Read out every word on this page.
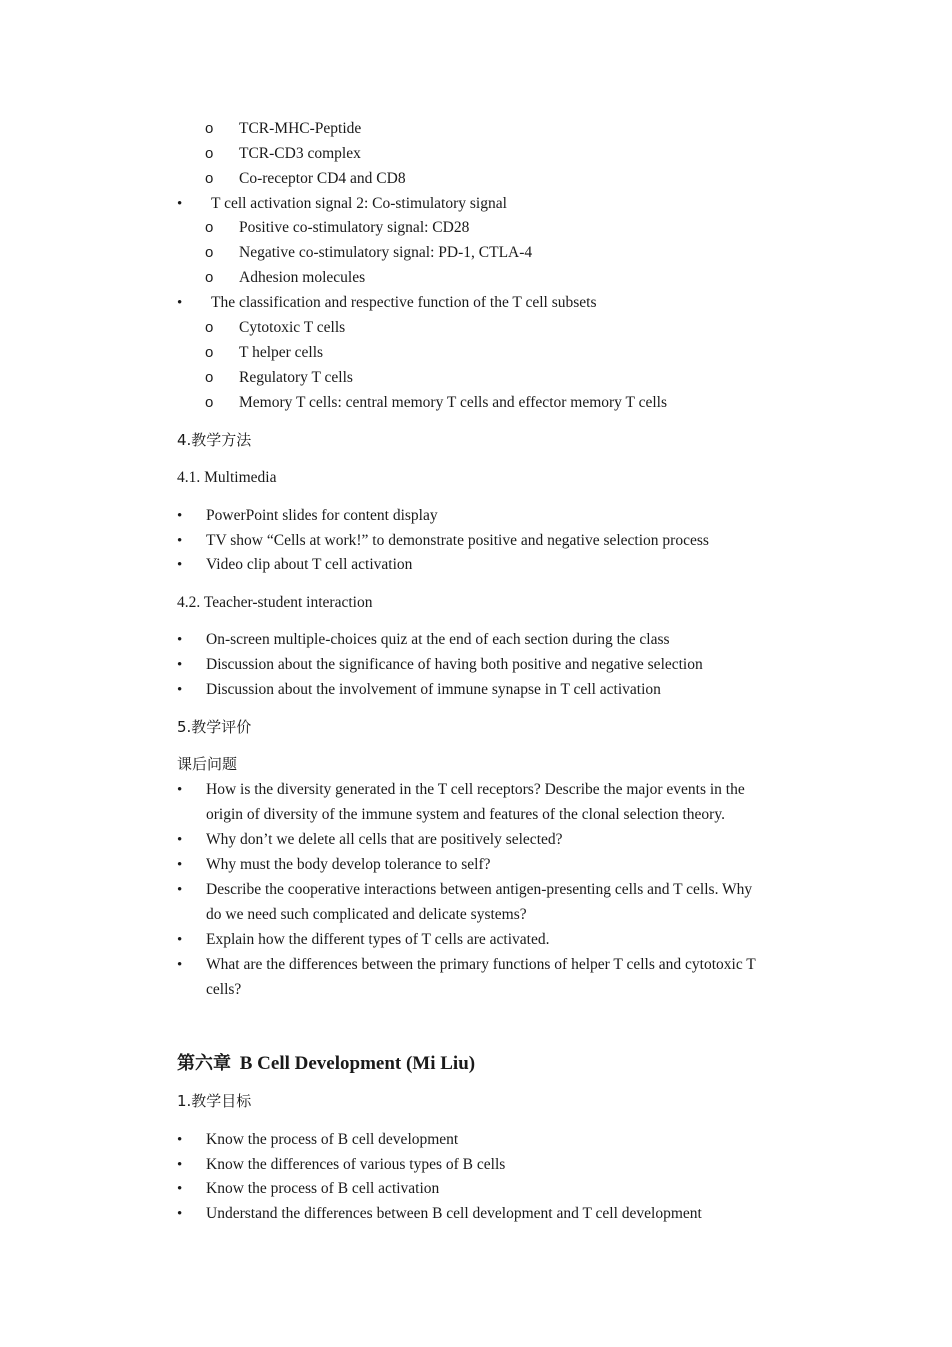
o TCR-MHC-Peptide
o TCR-CD3 complex
o Co-receptor CD4 and CD8
• T cell activation signal 2: Co-stimulatory signal
o Positive co-stimulatory signal: CD28
o Negative co-stimulatory signal: PD-1, CTLA-4
o Adhesion molecules
• The classification and respective function of the T cell subsets
o Cytotoxic T cells
o T helper cells
o Regulatory T cells
o Memory T cells: central memory T cells and effector memory T cells
4.教学方法
4.1. Multimedia
• PowerPoint slides for content display
• TV show “Cells at work!” to demonstrate positive and negative selection process
• Video clip about T cell activation
4.2. Teacher-student interaction
• On-screen multiple-choices quiz at the end of each section during the class
• Discussion about the significance of having both positive and negative selection
• Discussion about the involvement of immune synapse in T cell activation
5.教学评价
课后问题
• How is the diversity generated in the T cell receptors? Describe the major events in the
origin of diversity of the immune system and features of the clonal selection theory.
• Why don’t we delete all cells that are positively selected?
• Why must the body develop tolerance to self?
• Describe the cooperative interactions between antigen-presenting cells and T cells. Why
do we need such complicated and delicate systems?
• Explain how the different types of T cells are activated.
• What are the differences between the primary functions of helper T cells and cytotoxic T
cells?
第六章 B Cell Development (Mi Liu)
1.教学目标
• Know the process of B cell development
• Know the differences of various types of B cells
• Know the process of B cell activation
• Understand the differences between B cell development and T cell development
